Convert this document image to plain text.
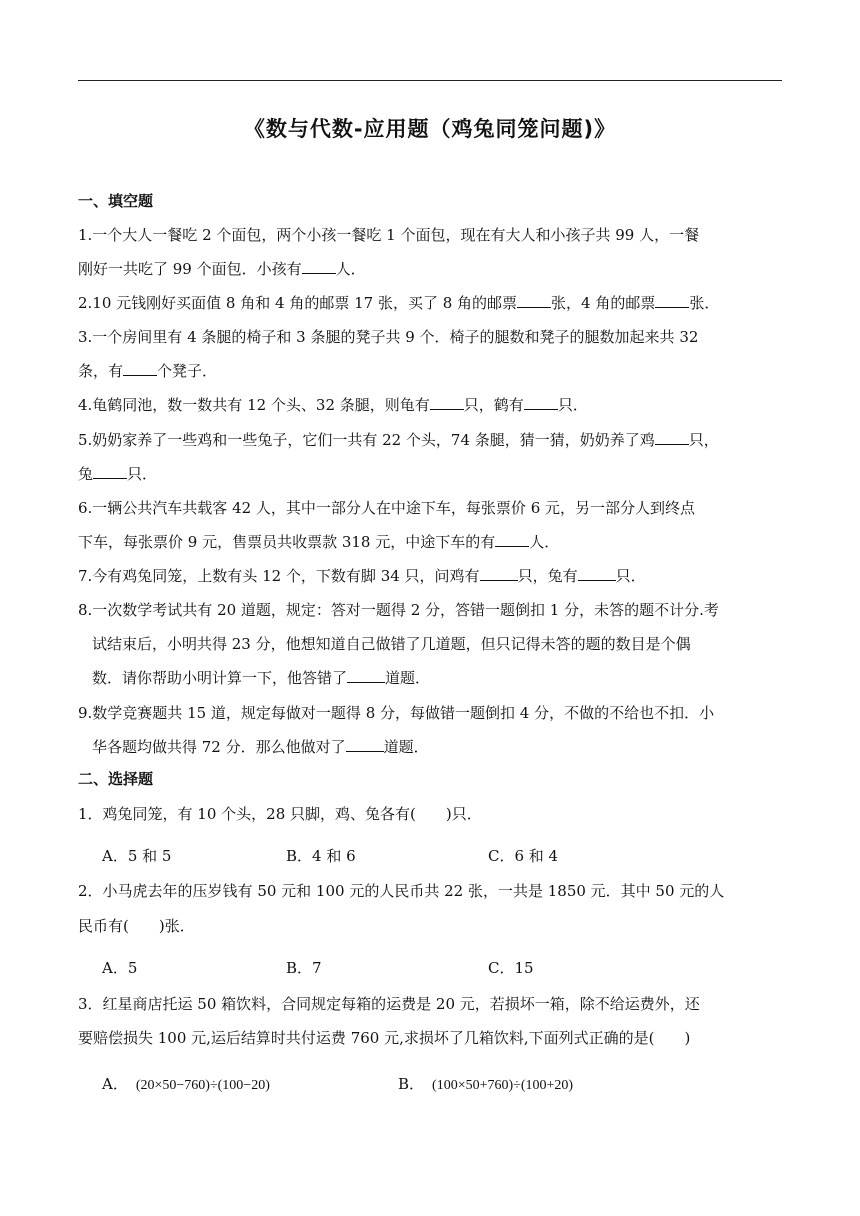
《数与代数-应用题（鸡兔同笼问题)》
一、填空题
1.一个大人一餐吃 2 个面包，两个小孩一餐吃 1 个面包，现在有大人和小孩子共 99 人，一餐
刚好一共吃了 99 个面包．小孩有 人．
2.10 元钱刚好买面值 8 角和 4 角的邮票 17 张，买了 8 角的邮票 张，4 角的邮票 张．
3.一个房间里有 4 条腿的椅子和 3 条腿的凳子共 9 个．椅子的腿数和凳子的腿数加起来共 32
条，有 个凳子．
4.龟鹤同池，数一数共有 12 个头、32 条腿，则龟有 只，鹤有 只．
5.奶奶家养了一些鸡和一些兔子，它们一共有 22 个头，74 条腿，猜一猜，奶奶养了鸡 只，
兔 只．
6.一辆公共汽车共载客 42 人，其中一部分人在中途下车，每张票价 6 元，另一部分人到终点
下车，每张票价 9 元，售票员共收票款 318 元，中途下车的有 人．
7.今有鸡兔同笼，上数有头 12 个，下数有脚 34 只，问鸡有	只，兔有	只．
8.一次数学考试共有 20 道题，规定：答对一题得 2 分，答错一题倒扣 1 分，未答的题不计分.考
试结束后，小明共得 23 分，他想知道自己做错了几道题，但只记得未答的题的数目是个偶
数．请你帮助小明计算一下，他答错了	道题．
9.数学竞赛题共 15 道，规定每做对一题得 8 分，每做错一题倒扣 4 分，不做的不给也不扣．小
华各题均做共得 72 分．那么他做对了	道题．
二、选择题
1．鸡兔同笼，有 10 个头，28 只脚，鸡、兔各有( )只．
A．5 和 5	B．4 和 6	C．6 和 4
2．小马虎去年的压岁钱有 50 元和 100 元的人民币共 22 张，一共是 1850 元．其中 50 元的人
民币有( )张．
A．5	B．7	C．15
3．红星商店托运 50 箱饮料，合同规定每箱的运费是 20 元，若损坏一箱，除不给运费外，还
要赔偿损失 100 元,运后结算时共付运费 760 元,求损坏了几箱饮料,下面列式正确的是( )
A． (20×50−760)÷(100−20)	B． (100×50+760)÷(100+20)
